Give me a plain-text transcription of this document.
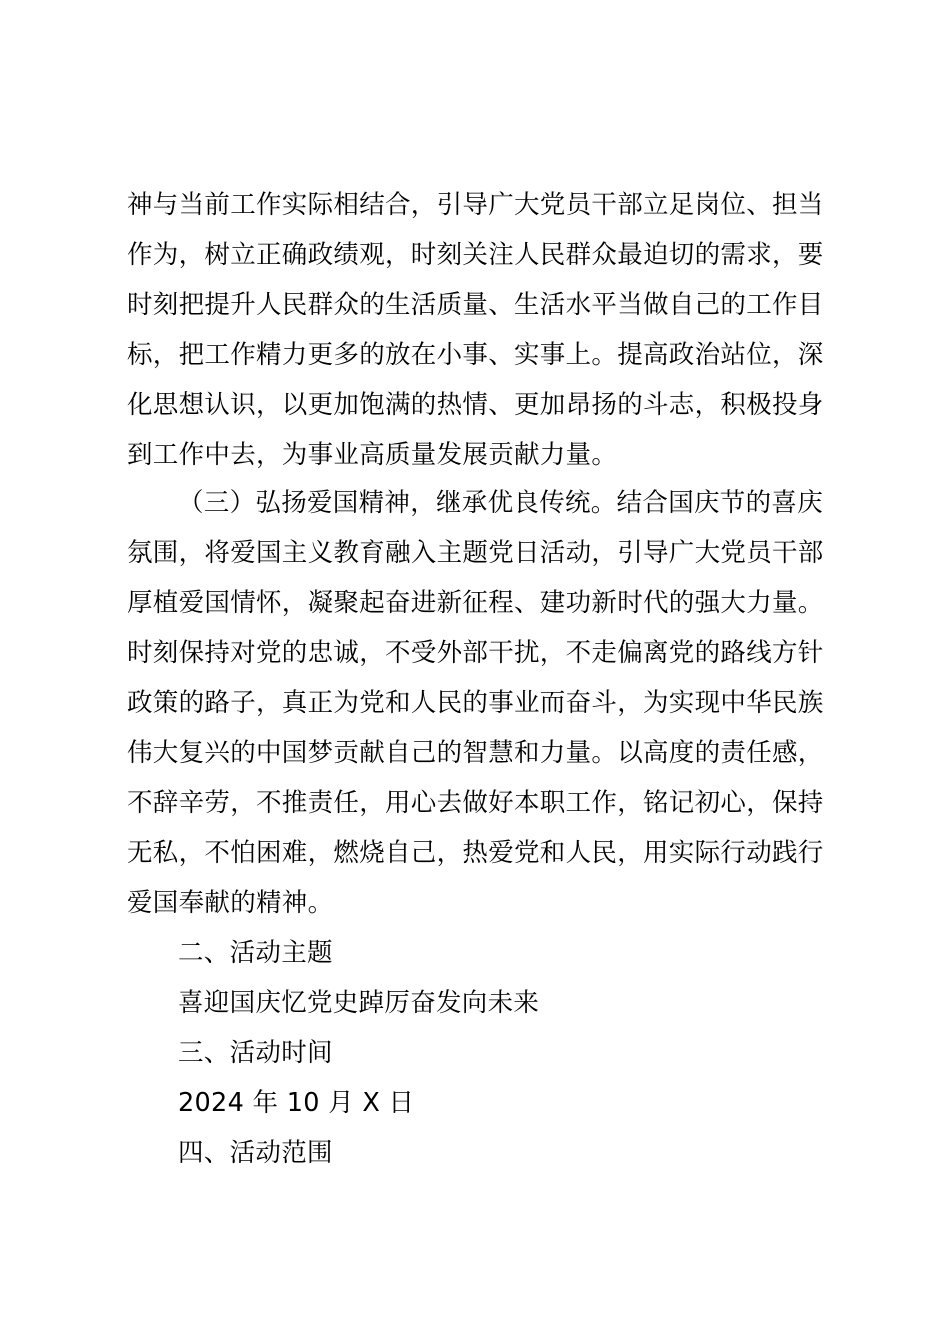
神与当前工作实际相结合，引导广大党员干部立足岗位、担当
作为，树立正确政绩观，时刻关注人民群众最迫切的需求，要
时刻把提升人民群众的生活质量、生活水平当做自己的工作目
标，把工作精力更多的放在小事、实事上。提高政治站位，深
化思想认识，以更加饱满的热情、更加昂扬的斗志，积极投身
到工作中去，为事业高质量发展贡献力量。
（三）弘扬爱国精神，继承优良传统。结合国庆节的喜庆
氛围，将爱国主义教育融入主题党日活动，引导广大党员干部
厚植爱国情怀，凝聚起奋进新征程、建功新时代的强大力量。
时刻保持对党的忠诚，不受外部干扰，不走偏离党的路线方针
政策的路子，真正为党和人民的事业而奋斗，为实现中华民族
伟大复兴的中国梦贡献自己的智慧和力量。以高度的责任感，
不辞辛劳，不推责任，用心去做好本职工作，铭记初心，保持
无私，不怕困难，燃烧自己，热爱党和人民，用实际行动践行
爱国奉献的精神。
二、活动主题
喜迎国庆忆党史踔厉奋发向未来
三、活动时间
2024 年 10 月 X 日
四、活动范围
